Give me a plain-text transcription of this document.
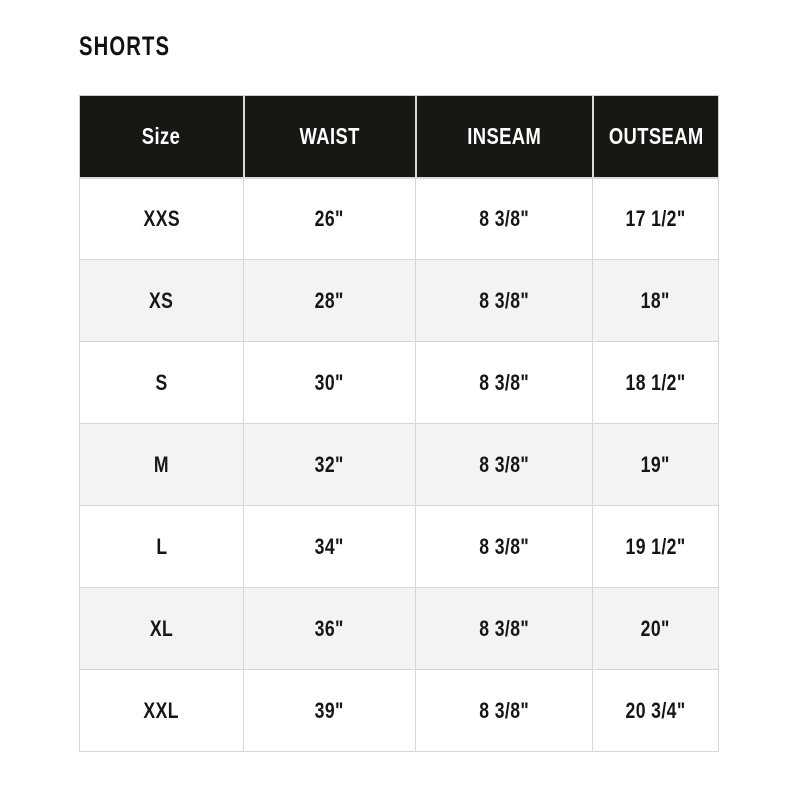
SHORTS
Size	WAIST	INSEAM	OUTSEAM
XXS	26"	8 3/8"	17 1/2"
XS	28"	8 3/8"	18"
S	30"	8 3/8"	18 1/2"
M	32"	8 3/8"	19"
L	34"	8 3/8"	19 1/2"
XL	36"	8 3/8"	20"
XXL	39"	8 3/8"	20 3/4"
